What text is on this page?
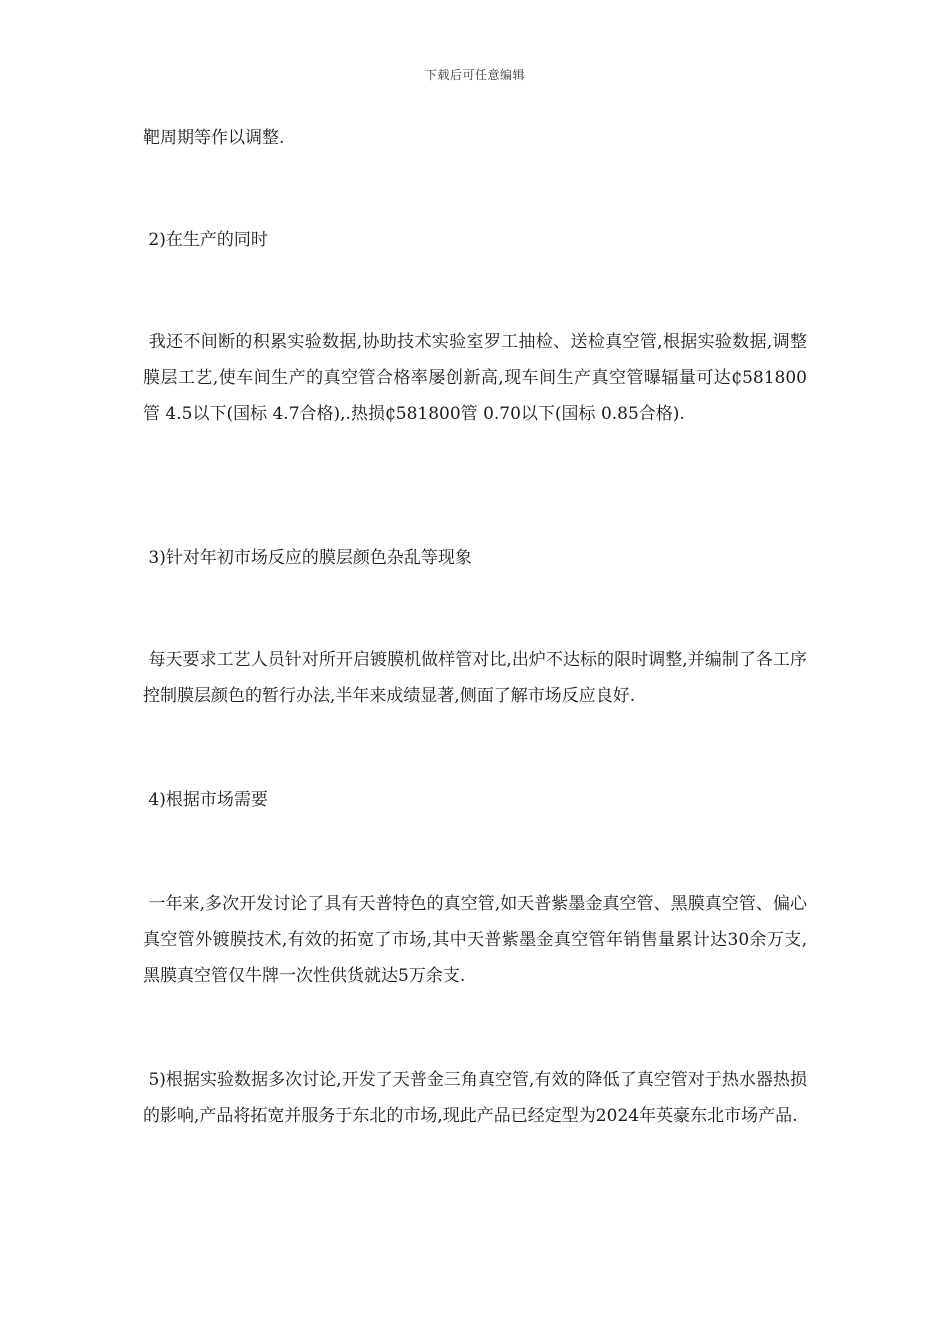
下载后可任意编辑
靶周期等作以调整.
2)在生产的同时
我还不间断的积累实验数据,协助技术实验室罗工抽检、送检真空管,根据实验数据,调整膜层工艺,使车间生产的真空管合格率屡创新高,现车间生产真空管曝辐量可达₵581800管 4.5以下(国标 4.7合格),.热损₵581800管 0.70以下(国标 0.85合格).
3)针对年初市场反应的膜层颜色杂乱等现象
每天要求工艺人员针对所开启镀膜机做样管对比,出炉不达标的限时调整,并编制了各工序控制膜层颜色的暂行办法,半年来成绩显著,侧面了解市场反应良好.
4)根据市场需要
一年来,多次开发讨论了具有天普特色的真空管,如天普紫墨金真空管、黑膜真空管、偏心真空管外镀膜技术,有效的拓宽了市场,其中天普紫墨金真空管年销售量累计达30余万支,黑膜真空管仅牛牌一次性供货就达5万余支.
5)根据实验数据多次讨论,开发了天普金三角真空管,有效的降低了真空管对于热水器热损的影响,产品将拓宽并服务于东北的市场,现此产品已经定型为2024年英豪东北市场产品.
